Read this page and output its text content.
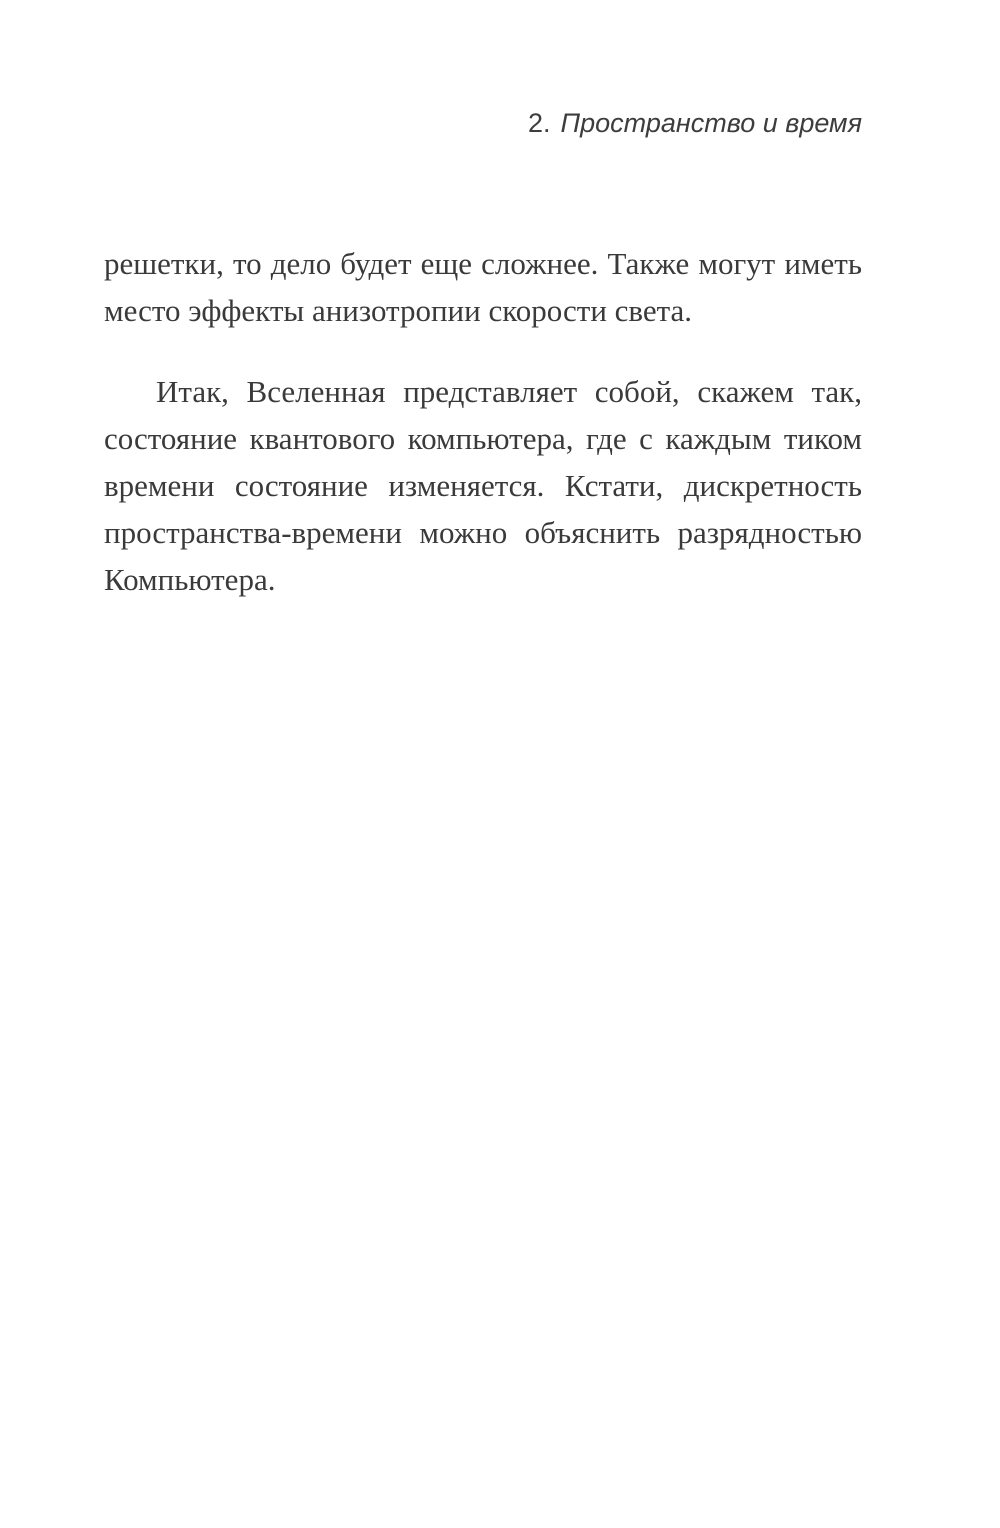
2. Пространство и время

решетки, то дело будет еще сложнее. Также могут иметь место эффекты анизотропии скорости света.

Итак, Вселенная представляет собой, скажем так, состояние квантового компьютера, где с каждым тиком времени состояние изменяется. Кстати, дискретность пространства-времени можно объяснить разрядностью Компьютера.
